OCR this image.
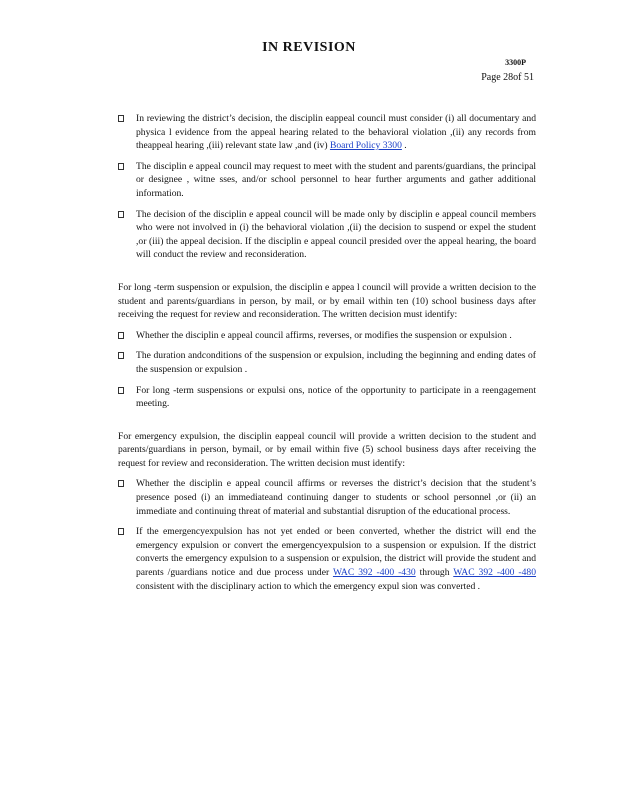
IN REVISION
3300P
Page 28of 51
In reviewing the district’s decision, the disciplin eappeal council must consider (i) all documentary and physica l evidence from the appeal hearing related to the behavioral violation ,(ii) any records from theappeal hearing ,(iii) relevant state law ,and (iv) Board Policy 3300 .
The disciplin e appeal council may request to meet with the student and parents/guardians, the principal or designee , witne sses, and/or school personnel to hear further arguments and gather additional information.
The decision of the disciplin e appeal council will be made only by disciplin e appeal council members who were not involved in (i) the behavioral violation ,(ii) the decision to suspend or expel the student ,or (iii) the appeal decision. If the disciplin e appeal council presided over the appeal hearing, the board will conduct the review and reconsideration.

For long -term suspension or expulsion, the disciplin e appea l council will provide a written decision to the student and parents/guardians in person, by mail, or by email within ten (10) school business days after receiving the request for review and reconsideration. The written decision must identify:

Whether the disciplin e appeal council affirms, reverses, or modifies the suspension or expulsion .
The duration andconditions of the suspension or expulsion, including the beginning and ending dates of the suspension or expulsion .
For long -term suspensions or expulsi ons, notice of the opportunity to participate in a reengagement meeting.

For emergency expulsion, the disciplin eappeal council will provide a written decision to the student and parents/guardians in person, bymail, or by email within five (5) school business days after receiving the request for review and reconsideration. The written decision must identify:

Whether the disciplin e appeal council affirms or reverses the district’s decision that the student’s presence posed (i) an immediateand continuing danger to students or school personnel ,or (ii) an immediate and continuing threat of material and substantial disruption of the educational process.
If the emergencyexpulsion has not yet ended or been converted, whether the district will end the emergency expulsion or convert the emergencyexpulsion to a suspension or expulsion. If the district converts the emergency expulsion to a suspension or expulsion, the district will provide the student and parents /guardians notice and due process under WAC 392 -400 -430 through WAC 392 -400 -480 consistent with the disciplinary action to which the emergency expul sion was converted .
